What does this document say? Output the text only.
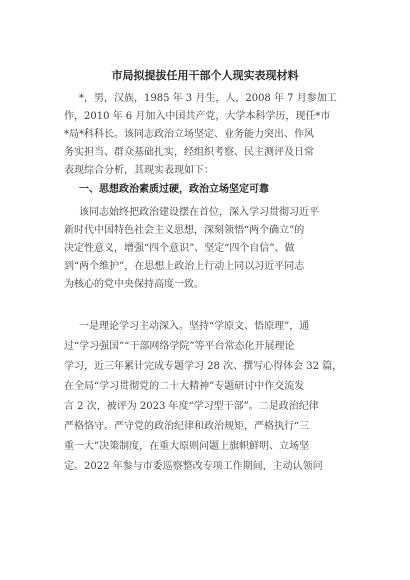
市局拟提拔任用干部个人现实表现材料
*，男，汉族，1985 年 3 月生，人，2008 年 7 月参加工
作，2010 年 6 月加入中国共产党，大学本科学历，现任*市
*局*科科长。该同志政治立场坚定、业务能力突出、作风
务实担当、群众基础扎实，经组织考察、民主测评及日常
表现综合分析，其现实表现如下：
一、思想政治素质过硬，政治立场坚定可靠
该同志始终把政治建设摆在首位，深入学习贯彻习近平
新时代中国特色社会主义思想，深刻领悟“两个确立”的
决定性意义，增强“四个意识”、坚定“四个自信”、做
到“两个维护”，在思想上政治上行动上同以习近平同志
为核心的党中央保持高度一致。
一是理论学习主动深入。坚持“学原文、悟原理”，通
过“学习强国”“干部网络学院”等平台常态化开展理论
学习，近三年累计完成专题学习 28 次、撰写心得体会 32 篇，
在全局“学习贯彻党的二十大精神”专题研讨中作交流发
言 2 次，被评为 2023 年度“学习型干部”。二是政治纪律
严格恪守。严守党的政治纪律和政治规矩，严格执行“三
重一大”决策制度，在重大原则问题上旗帜鲜明、立场坚
定。2022 年参与市委巡察整改专项工作期间，主动认领问
